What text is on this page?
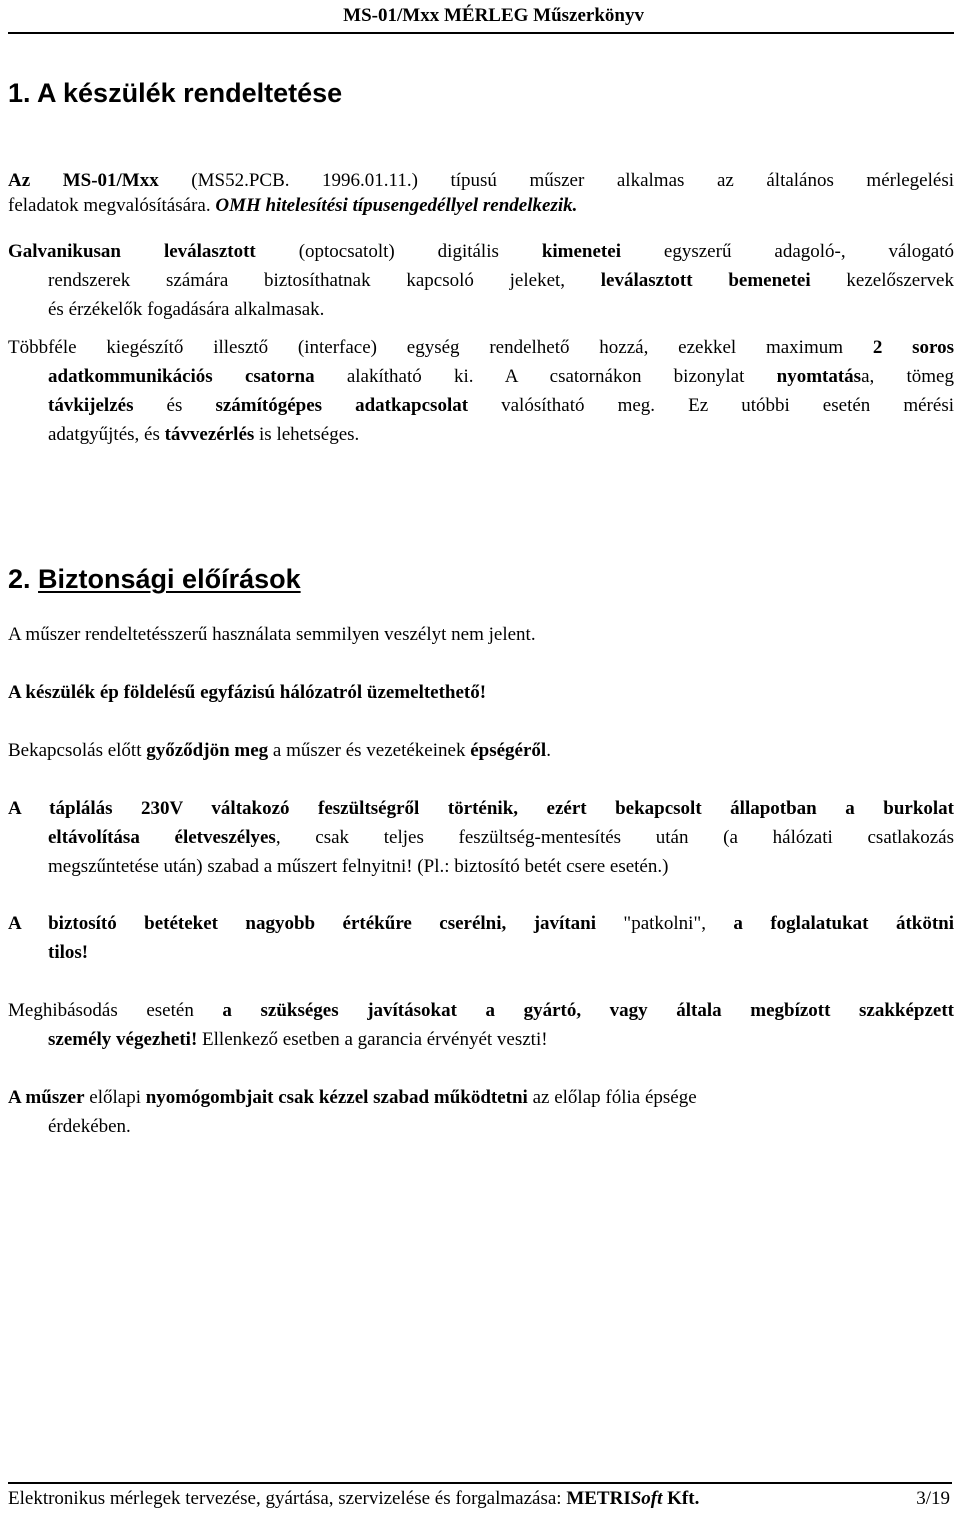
MS-01/Mxx MÉRLEG Műszerkönyv
1. A készülék rendeltetése
Az MS-01/Mxx (MS52.PCB. 1996.01.11.) típusú műszer alkalmas az általános mérlegelési
feladatok megvalósítására. OMH hitelesítési típusengedéllyel rendelkezik.
Galvanikusan leválasztott (optocsatolt) digitális kimenetei egyszerű adagoló-, válogató
rendszerek számára biztosíthatnak kapcsoló jeleket, leválasztott bemenetei kezelőszervek
és érzékelők fogadására alkalmasak.
Többféle kiegészítő illesztő (interface) egység rendelhető hozzá, ezekkel maximum 2 soros
adatkommunikációs csatorna alakítható ki. A csatornákon bizonylat nyomtatása, tömeg
távkijelzés és számítógépes adatkapcsolat valósítható meg. Ez utóbbi esetén mérési
adatgyűjtés, és távvezérlés is lehetséges.
2. Biztonsági előírások
A műszer rendeltetésszerű használata semmilyen veszélyt nem jelent.
A készülék ép földelésű egyfázisú hálózatról üzemeltethető!
Bekapcsolás előtt győződjön meg a műszer és vezetékeinek épségéről.
A táplálás 230V váltakozó feszültségről történik, ezért bekapcsolt állapotban a burkolat
eltávolítása életveszélyes, csak teljes feszültség-mentesítés után (a hálózati csatlakozás
megszűntetése után) szabad a műszert felnyitni! (Pl.: biztosító betét csere esetén.)
A biztosító betéteket nagyobb értékűre cserélni, javítani "patkolni", a foglalatukat átkötni
tilos!
Meghibásodás esetén a szükséges javításokat a gyártó, vagy általa megbízott szakképzett
személy végezheti! Ellenkező esetben a garancia érvényét veszti!
A műszer előlapi nyomógombjait csak kézzel szabad működtetni az előlap fólia épsége
érdekében.
Elektronikus mérlegek tervezése, gyártása, szervizelése és forgalmazása: METRISoft Kft.	3/19
